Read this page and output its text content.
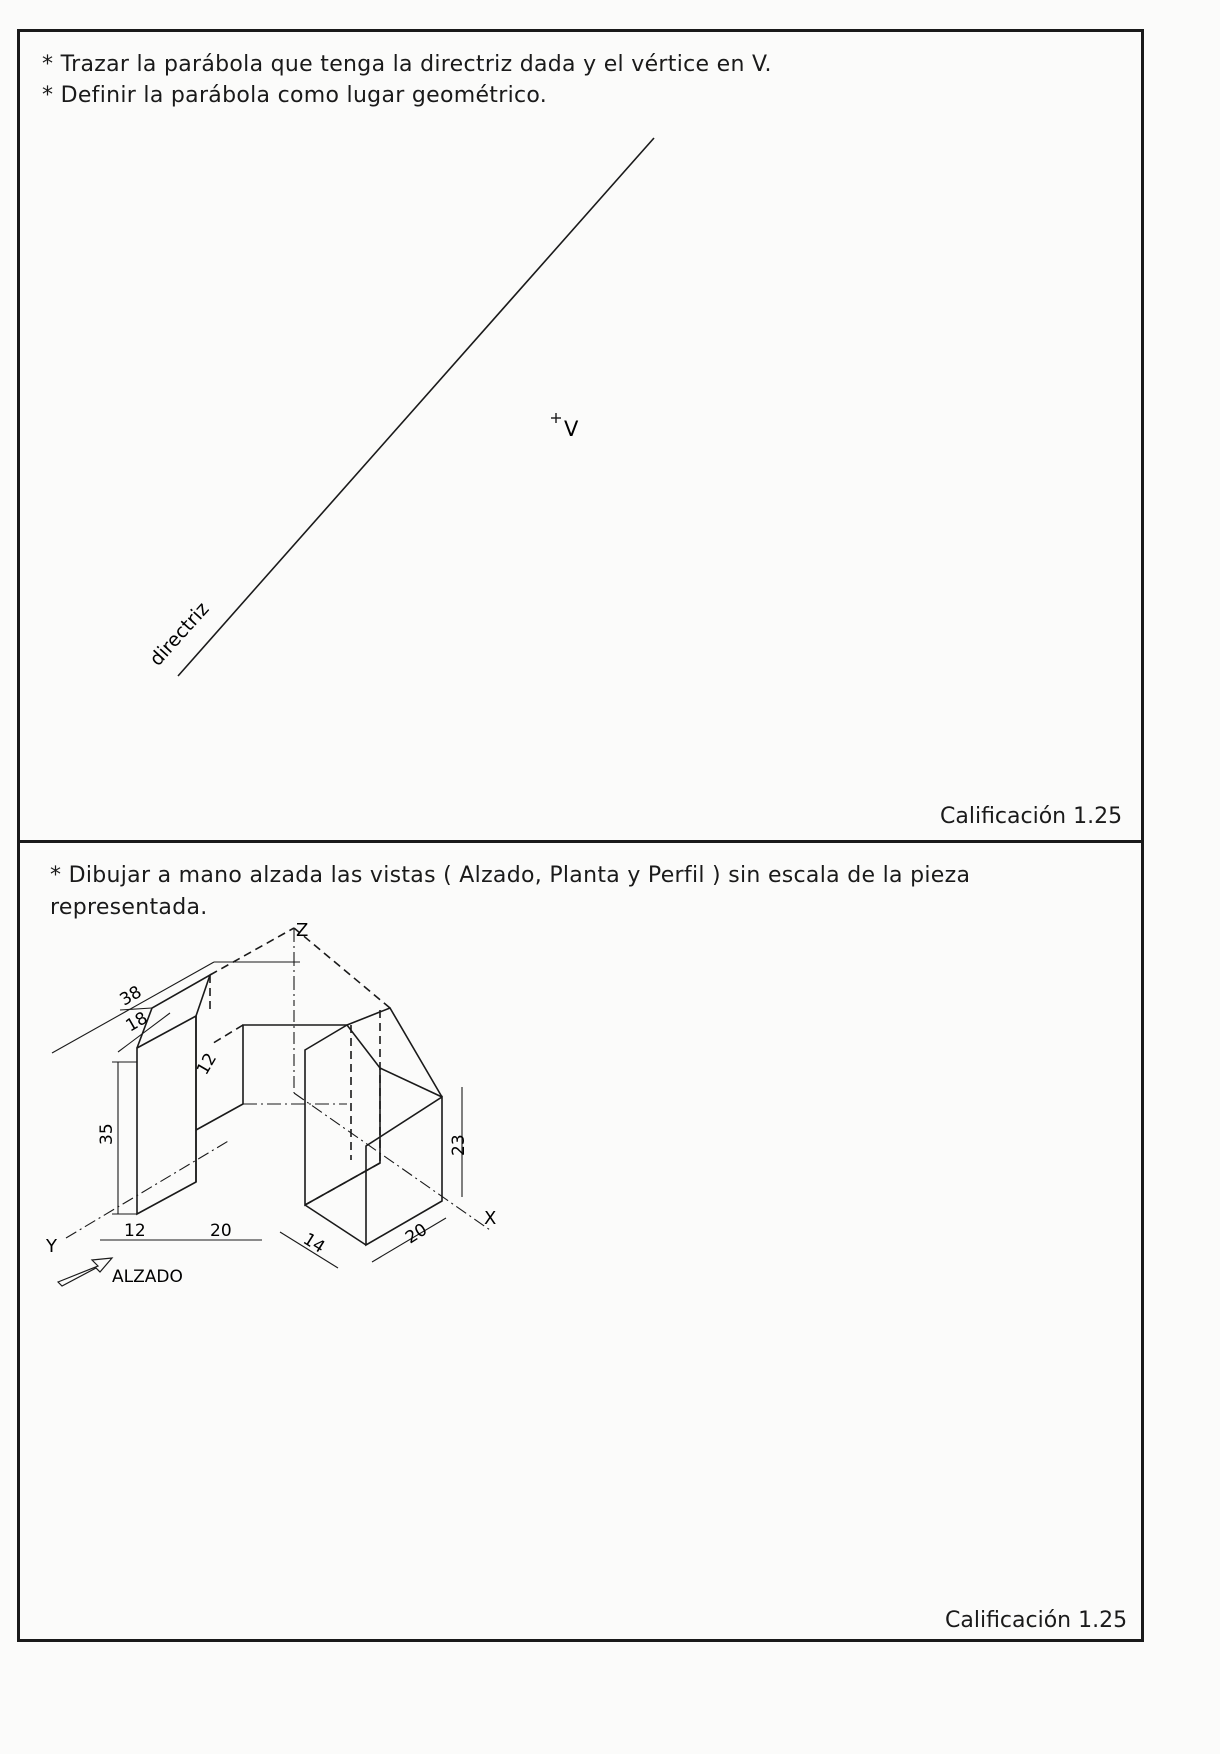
* Trazar la parábola que tenga la directriz dada y el vértice en V.
* Definir la parábola como lugar geométrico.
Calificación 1.25
* Dibujar a mano alzada las vistas ( Alzado, Planta y Perfil ) sin escala de la pieza
representada.
Calificación 1.25
directriz
V
Z
X
Y
ALZADO
38
18
12
35
23
12	20	14	20
